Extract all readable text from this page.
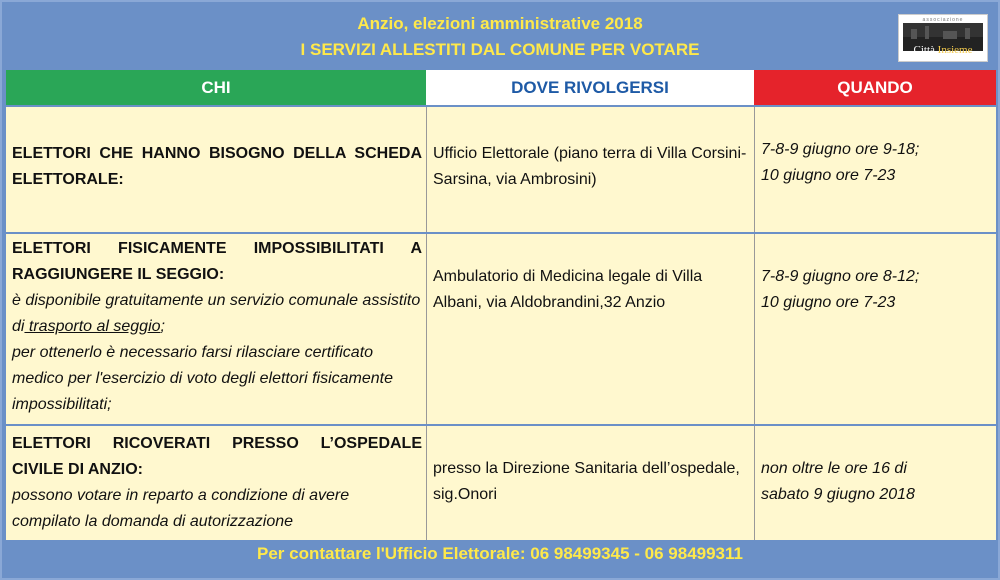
Anzio, elezioni amministrative 2018
I SERVIZI ALLESTITI DAL COMUNE PER VOTARE
associazione
Città Insieme
CHI	DOVE RIVOLGERSI	QUANDO
ELETTORI CHE HANNO BISOGNO DELLA SCHEDA ELETTORALE:
Ufficio Elettorale (piano terra di Villa Corsini-Sarsina, via Ambrosini)
7-8-9 giugno ore 9-18;
10 giugno ore 7-23
ELETTORI FISICAMENTE IMPOSSIBILITATI A RAGGIUNGERE IL SEGGIO:
è disponibile gratuitamente un servizio comunale assistito di trasporto al seggio;
per ottenerlo è necessario farsi rilasciare certificato medico per l'esercizio di voto degli elettori fisicamente impossibilitati;
Ambulatorio di Medicina legale di Villa Albani, via Aldobrandini,32 Anzio
7-8-9 giugno ore 8-12;
10 giugno ore 7-23
ELETTORI RICOVERATI PRESSO L’OSPEDALE CIVILE DI ANZIO:
possono votare in reparto a condizione di avere compilato la domanda di autorizzazione
presso la Direzione Sanitaria dell’ospedale, sig.Onori
non oltre le ore 16 di
sabato 9 giugno 2018
Per contattare l'Ufficio Elettorale: 06 98499345 - 06 98499311
